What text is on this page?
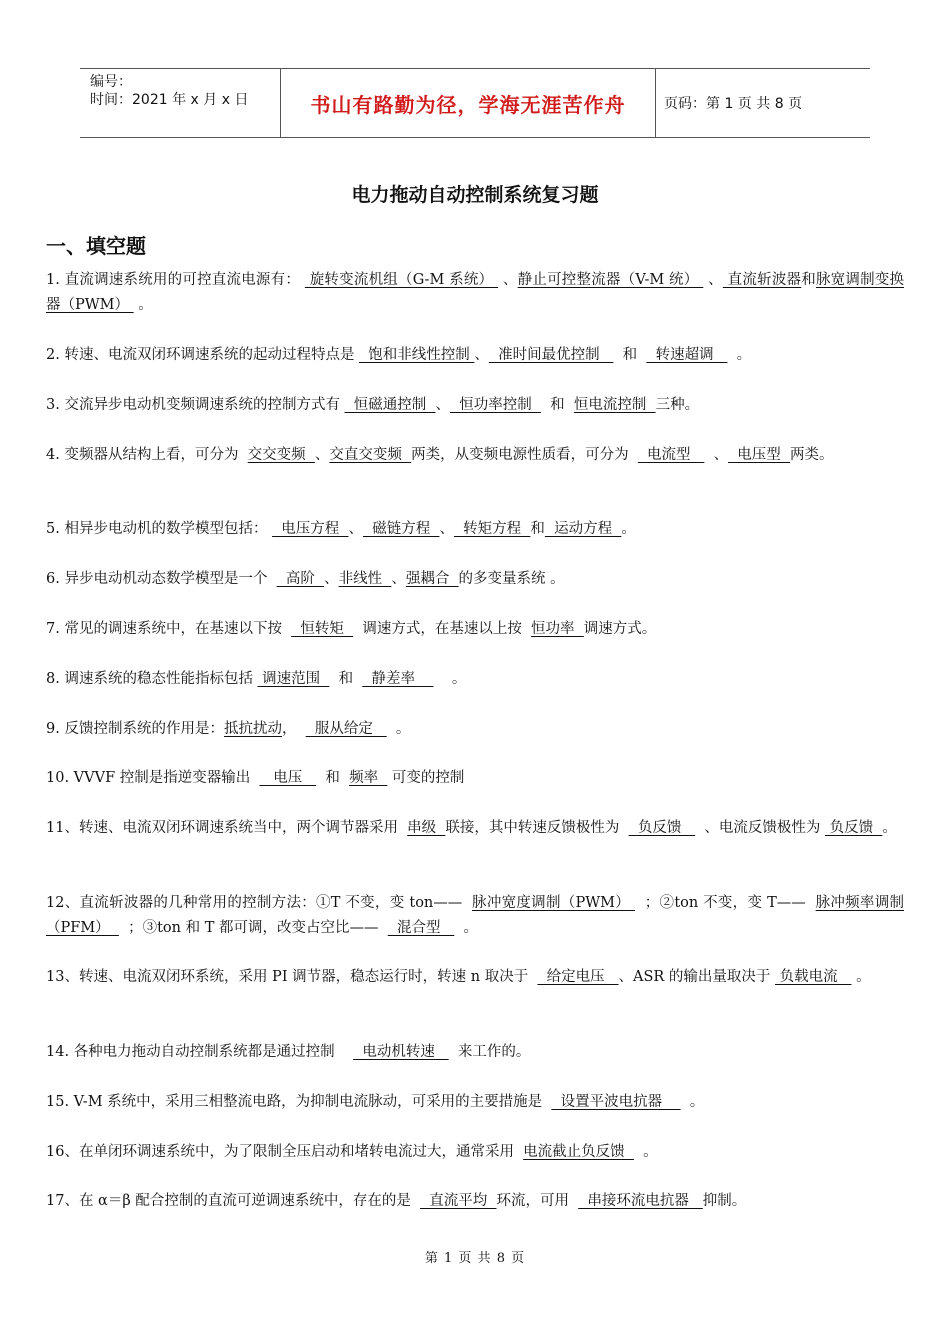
编号：
时间：2021 年 x 月 x 日	书山有路勤为径，学海无涯苦作舟	页码：第 1 页 共 8 页
电力拖动自动控制系统复习题
一、填空题
1. 直流调速系统用的可控直流电源有：  旋转变流机组（G-M 系统）  、静止可控整流器（V-M 统）  、 直流斩波器和脉宽调制变换器（PWM）  。
2. 转速、电流双闭环调速系统的起动过程特点是   饱和非线性控制 、  准时间最优控制     和    转速超调     。
3. 交流异步电动机变频调速系统的控制方式有   恒磁通控制  、  恒功率控制    和  恒电流控制  三种。
4. 变频器从结构上看，可分为  交交变频  、交直交变频  两类，从变频电源性质看，可分为    电流型     、  电压型  两类。
5. 相异步电动机的数学模型包括：   电压方程  、  磁链方程  、  转矩方程  和  运动方程  。
6. 异步电动机动态数学模型是一个    高阶  、非线性  、强耦合  的多变量系统 。
7. 常见的调速系统中，在基速以下按    恒转矩    调速方式，在基速以上按  恒功率  调速方式。
8. 调速系统的稳态性能指标包括  调速范围    和    静差率        。
9. 反馈控制系统的作用是：抵抗扰动，    服从给定     。
10. VVVF 控制是指逆变器输出     电压     和  频率   可变的控制
11、转速、电流双闭环调速系统当中，两个调节器采用  串级  联接，其中转速反馈极性为    负反馈     、电流反馈极性为  负反馈  。
12、直流斩波器的几种常用的控制方法：①T 不变，变 ton——  脉冲宽度调制（PWM）   ；②ton 不变，变 T——  脉冲频率调制（PFM）    ；③ton 和 T 都可调，改变占空比——    混合型     。
13、转速、电流双闭环系统，采用 PI 调节器，稳态运行时，转速 n 取决于    给定电压   、ASR 的输出量取决于  负载电流    。
14. 各种电力拖动自动控制系统都是通过控制      电动机转速     来工作的。
15. V-M 系统中，采用三相整流电路，为抑制电流脉动，可采用的主要措施是    设置平波电抗器      。
16、在单闭环调速系统中，为了限制全压启动和堵转电流过大，通常采用  电流截止负反馈    。
17、在 α＝β 配合控制的直流可逆调速系统中，存在的是    直流平均  环流，可用    串接环流电抗器   抑制。
第 1 页 共 8 页
